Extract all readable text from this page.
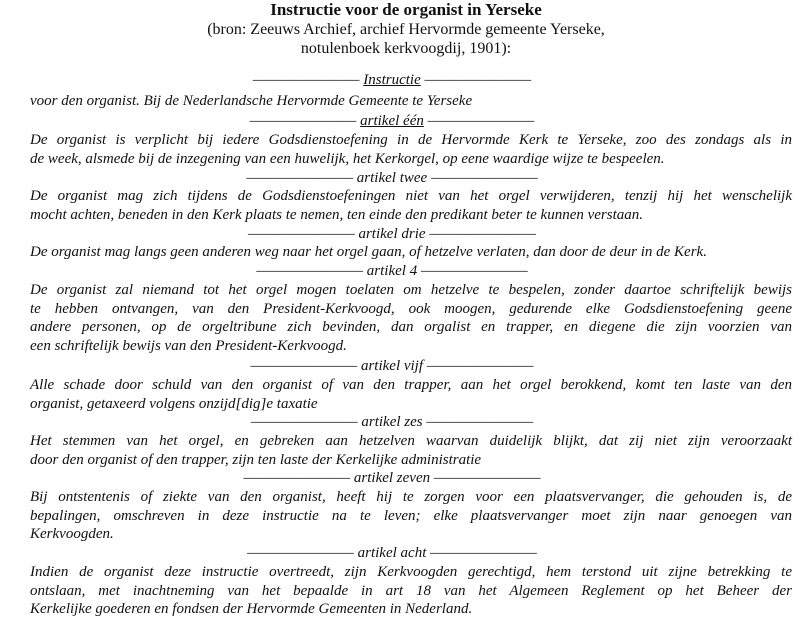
Instructie voor de organist in Yerseke
(bron: Zeeuws Archief, archief Hervormde gemeente Yerseke,
notulenboek kerkvoogdij, 1901):
———————— Instructie ————————
voor den organist. Bij de Nederlandsche Hervormde Gemeente te Yerseke
———————— artikel één ————————
De organist is verplicht bij iedere Godsdienstoefening in de Hervormde Kerk te Yerseke, zoo des zondags als in
de week, alsmede bij de inzegening van een huwelijk, het Kerkorgel, op eene waardige wijze te bespeelen.
———————— artikel twee ————————
De organist mag zich tijdens de Godsdienstoefeningen niet van het orgel verwijderen, tenzij hij het wenschelijk
mocht achten, beneden in den Kerk plaats te nemen, ten einde den predikant beter te kunnen verstaan.
———————— artikel drie ————————
De organist mag langs geen anderen weg naar het orgel gaan, of hetzelve verlaten, dan door de deur in de Kerk.
———————— artikel 4 ————————
De organist zal niemand tot het orgel mogen toelaten om hetzelve te bespelen, zonder daartoe schriftelijk bewijs
te hebben ontvangen, van den President-Kerkvoogd, ook moogen, gedurende elke Godsdienstoefening geene
andere personen, op de orgeltribune zich bevinden, dan orgalist en trapper, en diegene die zijn voorzien van
een schriftelijk bewijs van den President-Kerkvoogd.
———————— artikel vijf ————————
Alle schade door schuld van den organist of van den trapper, aan het orgel berokkend, komt ten laste van den
organist, getaxeerd volgens onzijd[dig]e taxatie
———————— artikel zes ————————
Het stemmen van het orgel, en gebreken aan hetzelven waarvan duidelijk blijkt, dat zij niet zijn veroorzaakt
door den organist of den trapper, zijn ten laste der Kerkelijke administratie
———————— artikel zeven ————————
Bij ontstentenis of ziekte van den organist, heeft hij te zorgen voor een plaatsvervanger, die gehouden is, de
bepalingen, omschreven in deze instructie na te leven; elke plaatsvervanger moet zijn naar genoegen van
Kerkvoogden.
———————— artikel acht ————————
Indien de organist deze instructie overtreedt, zijn Kerkvoogden gerechtigd, hem terstond uit zijne betrekking te
ontslaan, met inachtneming van het bepaalde in art 18 van het Algemeen Reglement op het Beheer der
Kerkelijke goederen en fondsen der Hervormde Gemeenten in Nederland.
